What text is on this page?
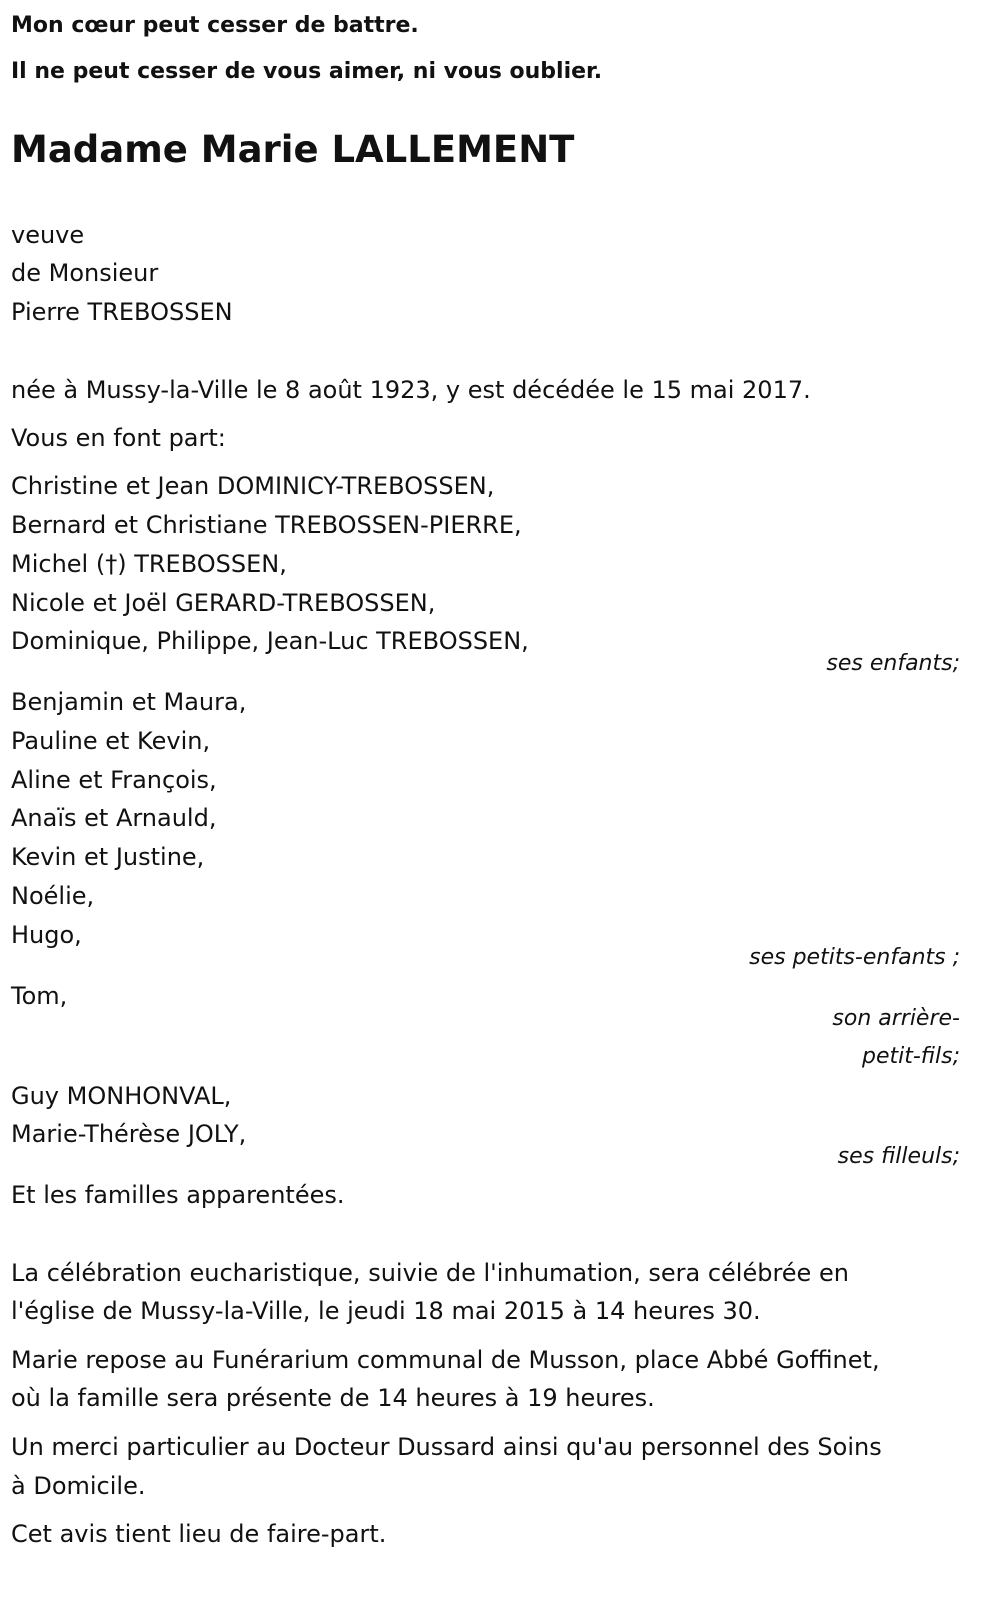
Mon cœur peut cesser de battre.
Il ne peut cesser de vous aimer, ni vous oublier.
Madame Marie LALLEMENT
veuve
de Monsieur
Pierre TREBOSSEN
née à Mussy-la-Ville le 8 août 1923, y est décédée le 15 mai 2017.
Vous en font part:
Christine et Jean DOMINICY-TREBOSSEN,
Bernard et Christiane TREBOSSEN-PIERRE,
Michel (†) TREBOSSEN,
Nicole et Joël GERARD-TREBOSSEN,
Dominique, Philippe, Jean-Luc TREBOSSEN,
ses enfants;
Benjamin et Maura,
Pauline et Kevin,
Aline et François,
Anaïs et Arnauld,
Kevin et Justine,
Noélie,
Hugo,
ses petits-enfants ;
Tom,
son arrière-
petit-fils;
Guy MONHONVAL,
Marie-Thérèse JOLY,
ses filleuls;
Et les familles apparentées.
La célébration eucharistique, suivie de l'inhumation, sera célébrée en
l'église de Mussy-la-Ville, le jeudi 18 mai 2015 à 14 heures 30.
Marie repose au Funérarium communal de Musson, place Abbé Goffinet,
où la famille sera présente de 14 heures à 19 heures.
Un merci particulier au Docteur Dussard ainsi qu'au personnel des Soins
à Domicile.
Cet avis tient lieu de faire-part.
